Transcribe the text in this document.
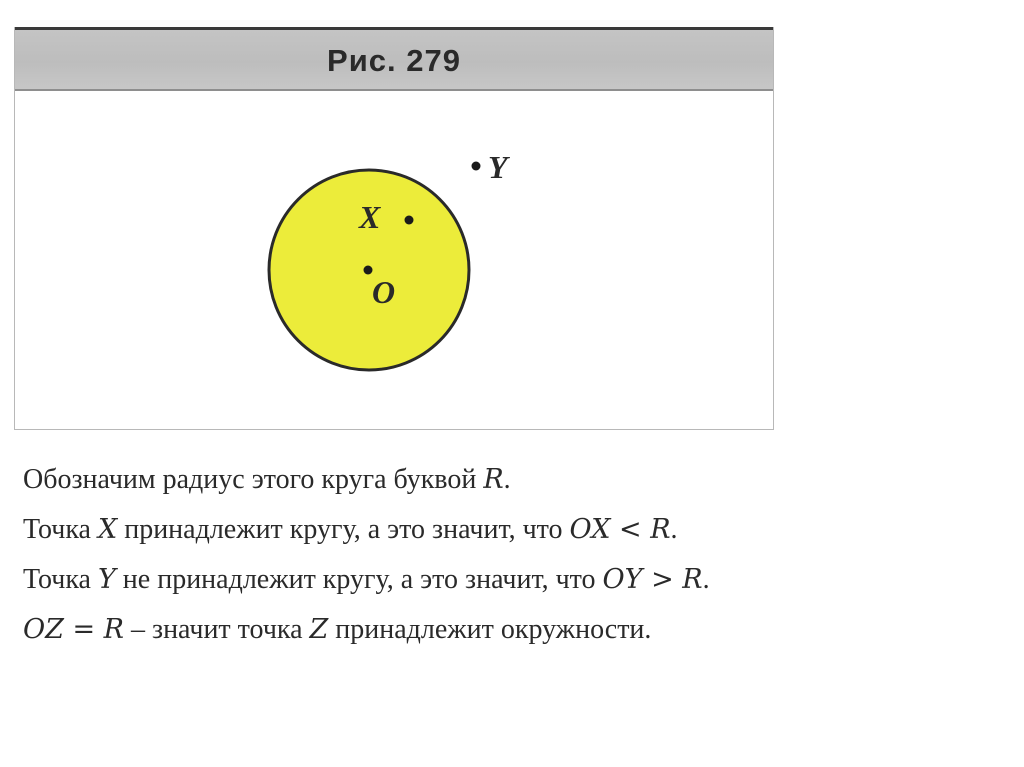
Рис. 279
Y
X
O
Обозначим радиус этого круга буквой R.
Точка X принадлежит кругу, а это значит, что OX < R.
Точка Y не принадлежит кругу, а это значит, что OY > R.
OZ = R – значит точка Z принадлежит окружности.
